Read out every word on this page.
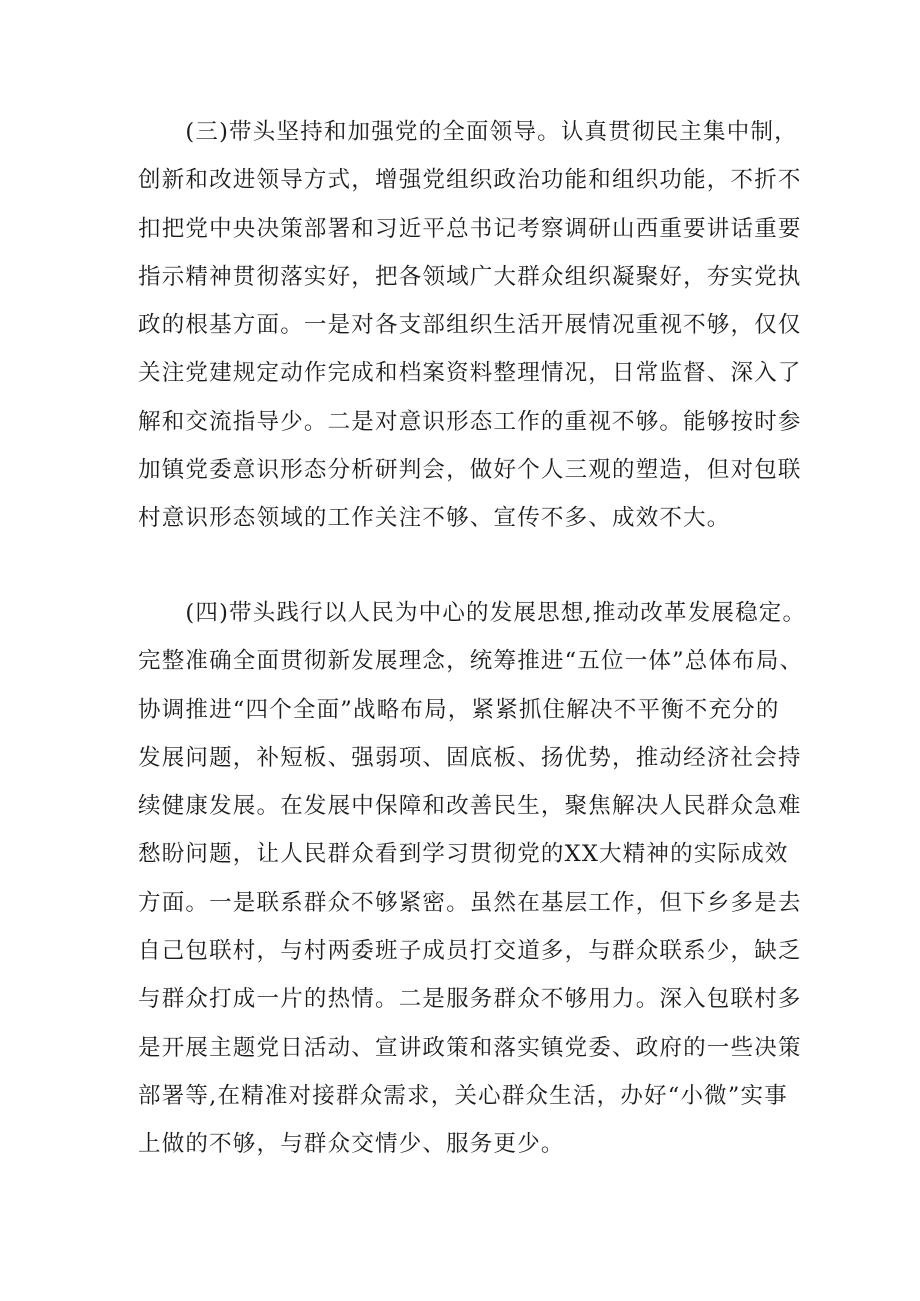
　　(三)带头坚持和加强党的全面领导。认真贯彻民主集中制，
创新和改进领导方式，增强党组织政治功能和组织功能，不折不
扣把党中央决策部署和习近平总书记考察调研山西重要讲话重要
指示精神贯彻落实好，把各领域广大群众组织凝聚好，夯实党执
政的根基方面。一是对各支部组织生活开展情况重视不够，仅仅
关注党建规定动作完成和档案资料整理情况，日常监督、深入了
解和交流指导少。二是对意识形态工作的重视不够。能够按时参
加镇党委意识形态分析研判会，做好个人三观的塑造，但对包联
村意识形态领域的工作关注不够、宣传不多、成效不大。

　　(四)带头践行以人民为中心的发展思想,推动改革发展稳定。
完整准确全面贯彻新发展理念，统筹推进“五位一体”总体布局、
协调推进“四个全面”战略布局，紧紧抓住解决不平衡不充分的
发展问题，补短板、强弱项、固底板、扬优势，推动经济社会持
续健康发展。在发展中保障和改善民生，聚焦解决人民群众急难
愁盼问题，让人民群众看到学习贯彻党的XX大精神的实际成效
方面。一是联系群众不够紧密。虽然在基层工作，但下乡多是去
自己包联村，与村两委班子成员打交道多，与群众联系少，缺乏
与群众打成一片的热情。二是服务群众不够用力。深入包联村多
是开展主题党日活动、宣讲政策和落实镇党委、政府的一些决策
部署等,在精准对接群众需求，关心群众生活，办好“小微”实事
上做的不够，与群众交情少、服务更少。
